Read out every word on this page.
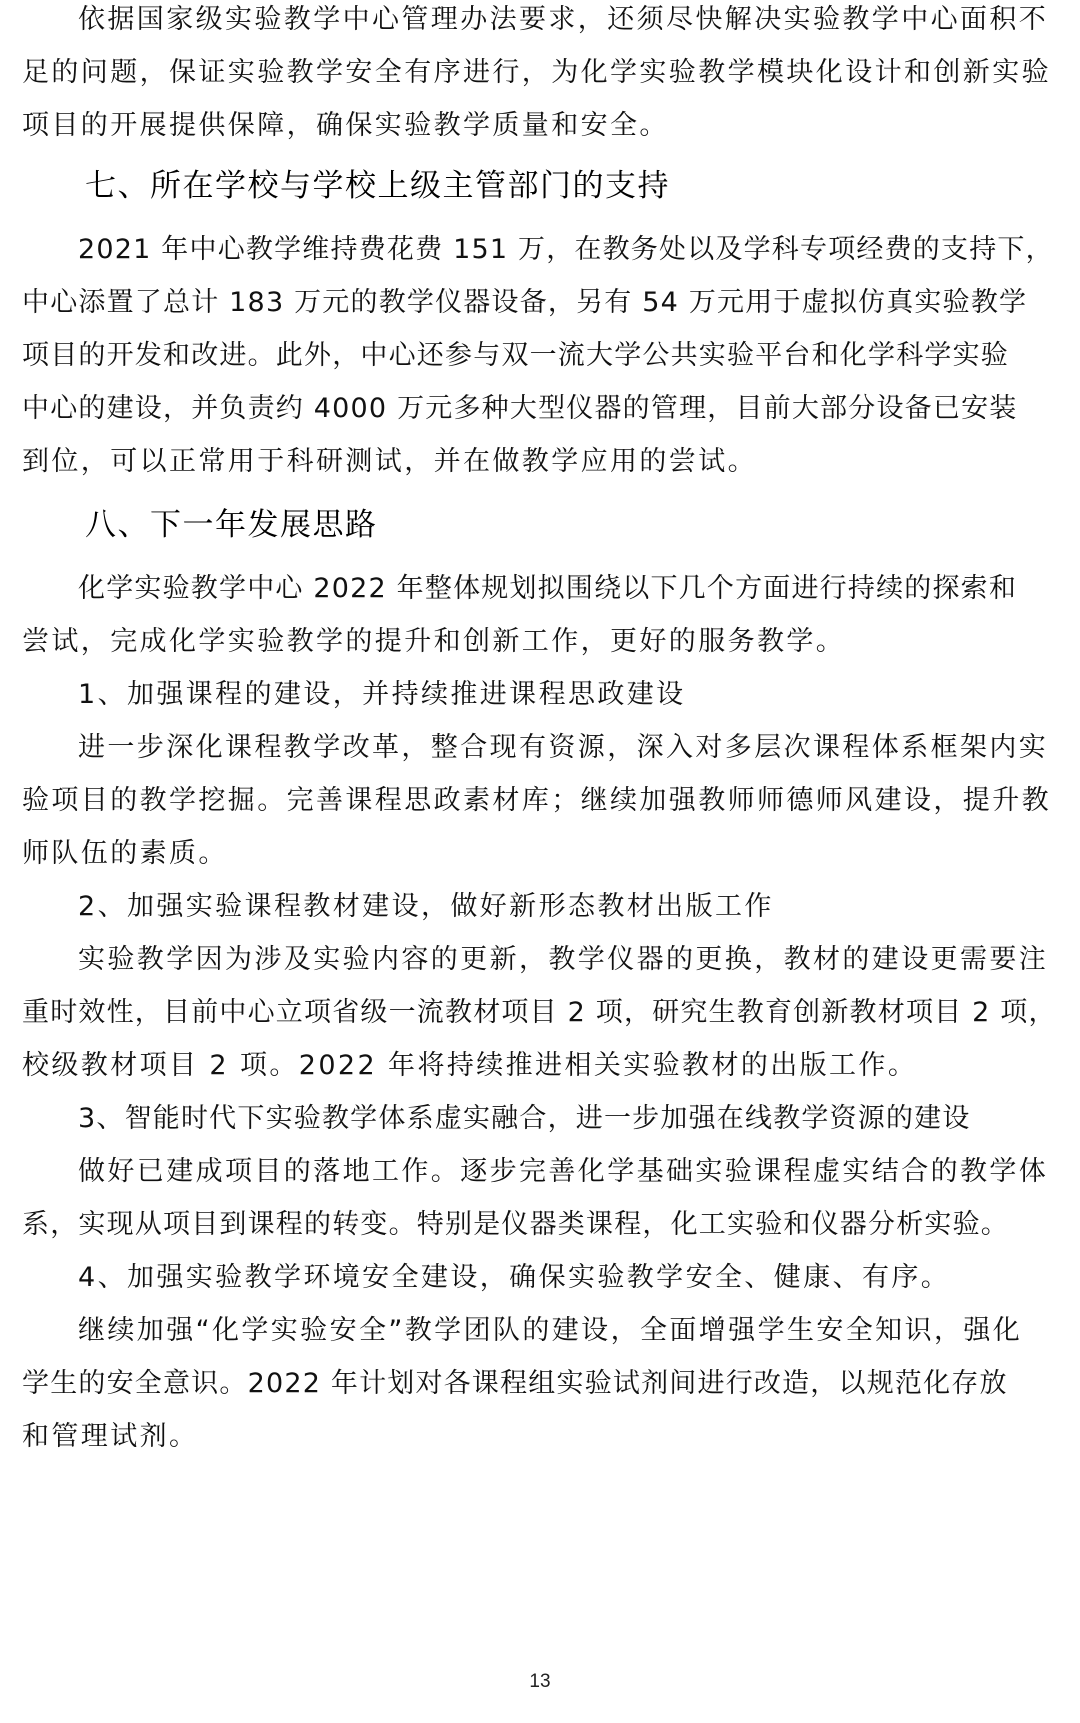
依据国家级实验教学中心管理办法要求，还须尽快解决实验教学中心面积不
足的问题，保证实验教学安全有序进行，为化学实验教学模块化设计和创新实验
项目的开展提供保障，确保实验教学质量和安全。
七、所在学校与学校上级主管部门的支持
2021 年中心教学维持费花费 151 万，在教务处以及学科专项经费的支持下，
中心添置了总计 183 万元的教学仪器设备，另有 54 万元用于虚拟仿真实验教学
项目的开发和改进。此外，中心还参与双一流大学公共实验平台和化学科学实验
中心的建设，并负责约 4000 万元多种大型仪器的管理，目前大部分设备已安装
到位，可以正常用于科研测试，并在做教学应用的尝试。
八、下一年发展思路
化学实验教学中心 2022 年整体规划拟围绕以下几个方面进行持续的探索和
尝试，完成化学实验教学的提升和创新工作，更好的服务教学。
1、加强课程的建设，并持续推进课程思政建设
进一步深化课程教学改革，整合现有资源，深入对多层次课程体系框架内实
验项目的教学挖掘。完善课程思政素材库；继续加强教师师德师风建设，提升教
师队伍的素质。
2、加强实验课程教材建设，做好新形态教材出版工作
实验教学因为涉及实验内容的更新，教学仪器的更换，教材的建设更需要注
重时效性，目前中心立项省级一流教材项目 2 项，研究生教育创新教材项目 2 项，
校级教材项目 2 项。2022 年将持续推进相关实验教材的出版工作。
3、智能时代下实验教学体系虚实融合，进一步加强在线教学资源的建设
做好已建成项目的落地工作。逐步完善化学基础实验课程虚实结合的教学体
系，实现从项目到课程的转变。特别是仪器类课程，化工实验和仪器分析实验。
4、加强实验教学环境安全建设，确保实验教学安全、健康、有序。
继续加强“化学实验安全”教学团队的建设，全面增强学生安全知识，强化
学生的安全意识。2022 年计划对各课程组实验试剂间进行改造，以规范化存放
和管理试剂。
13
